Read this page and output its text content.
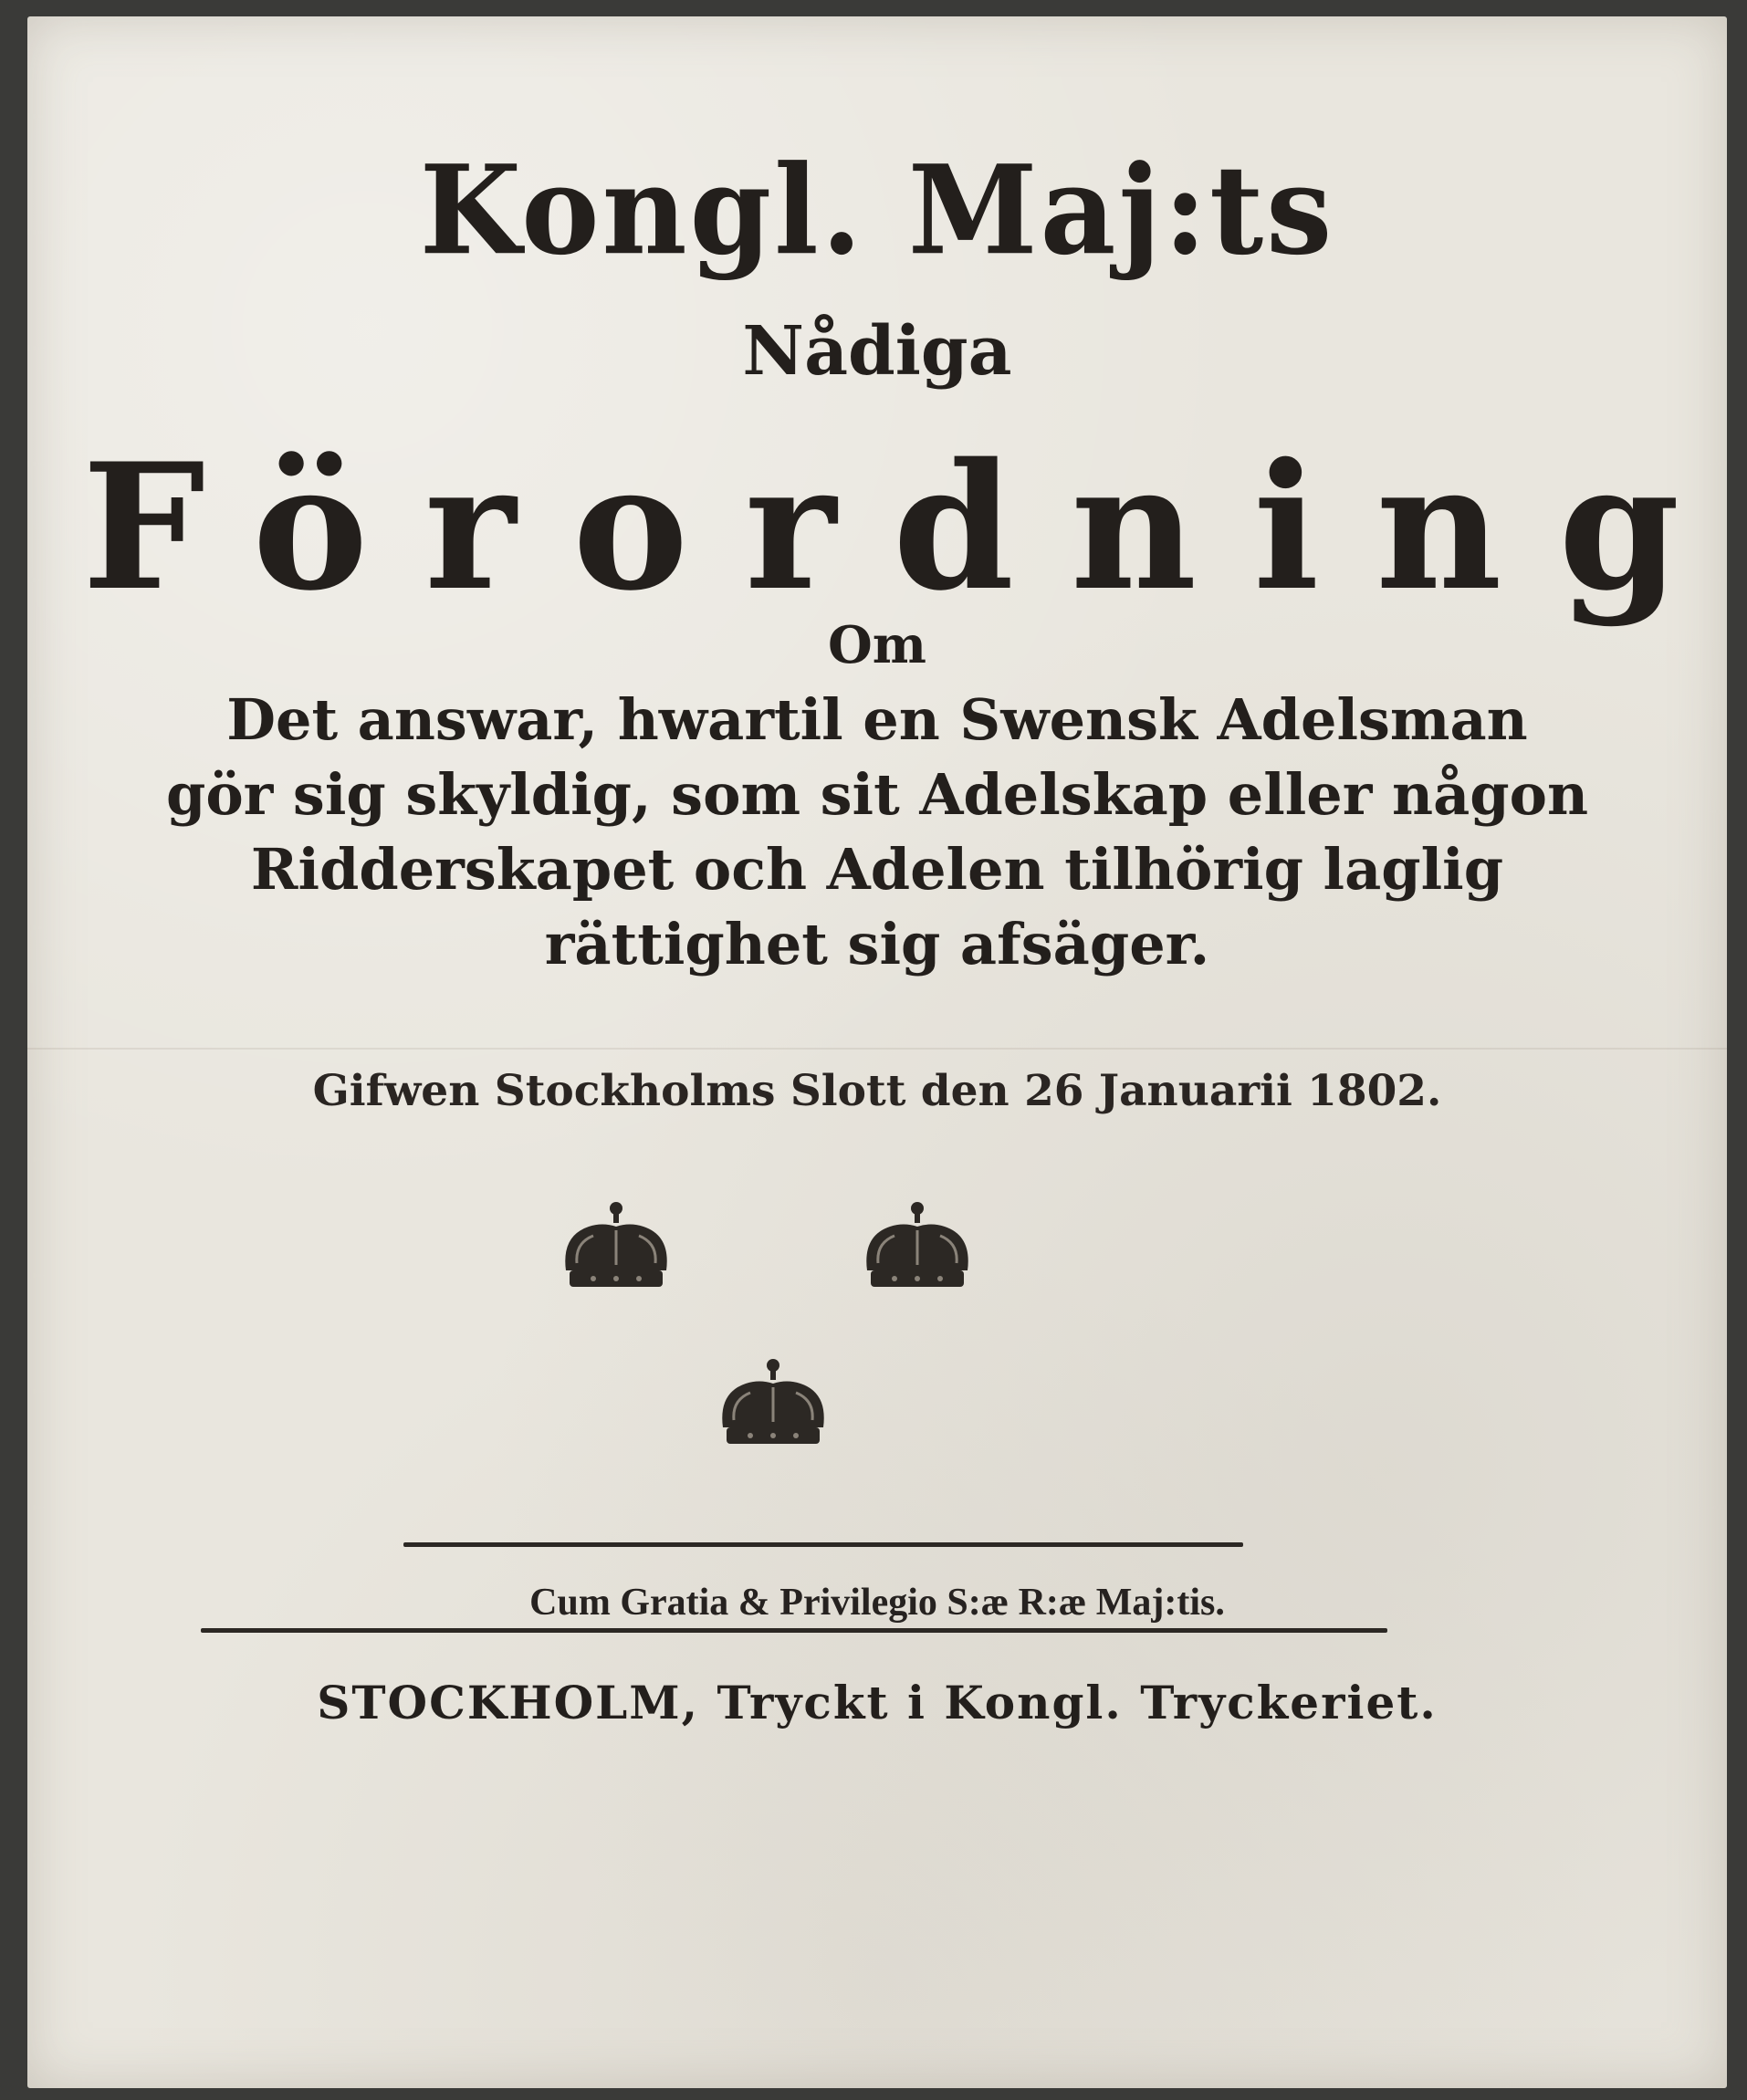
Kongl. Maj:ts
Nådiga
Förordning
Om
Det answar, hwartil en Swensk Adelsman
gör sig skyldig, som sit Adelskap eller någon
Ridderskapet och Adelen tilhörig laglig
rättighet sig afsäger.
Gifwen Stockholms Slott den 26 Januarii 1802.
Cum Gratia & Privilegio S:æ R:æ Maj:tis.
STOCKHOLM, Tryckt i Kongl. Tryckeriet.
